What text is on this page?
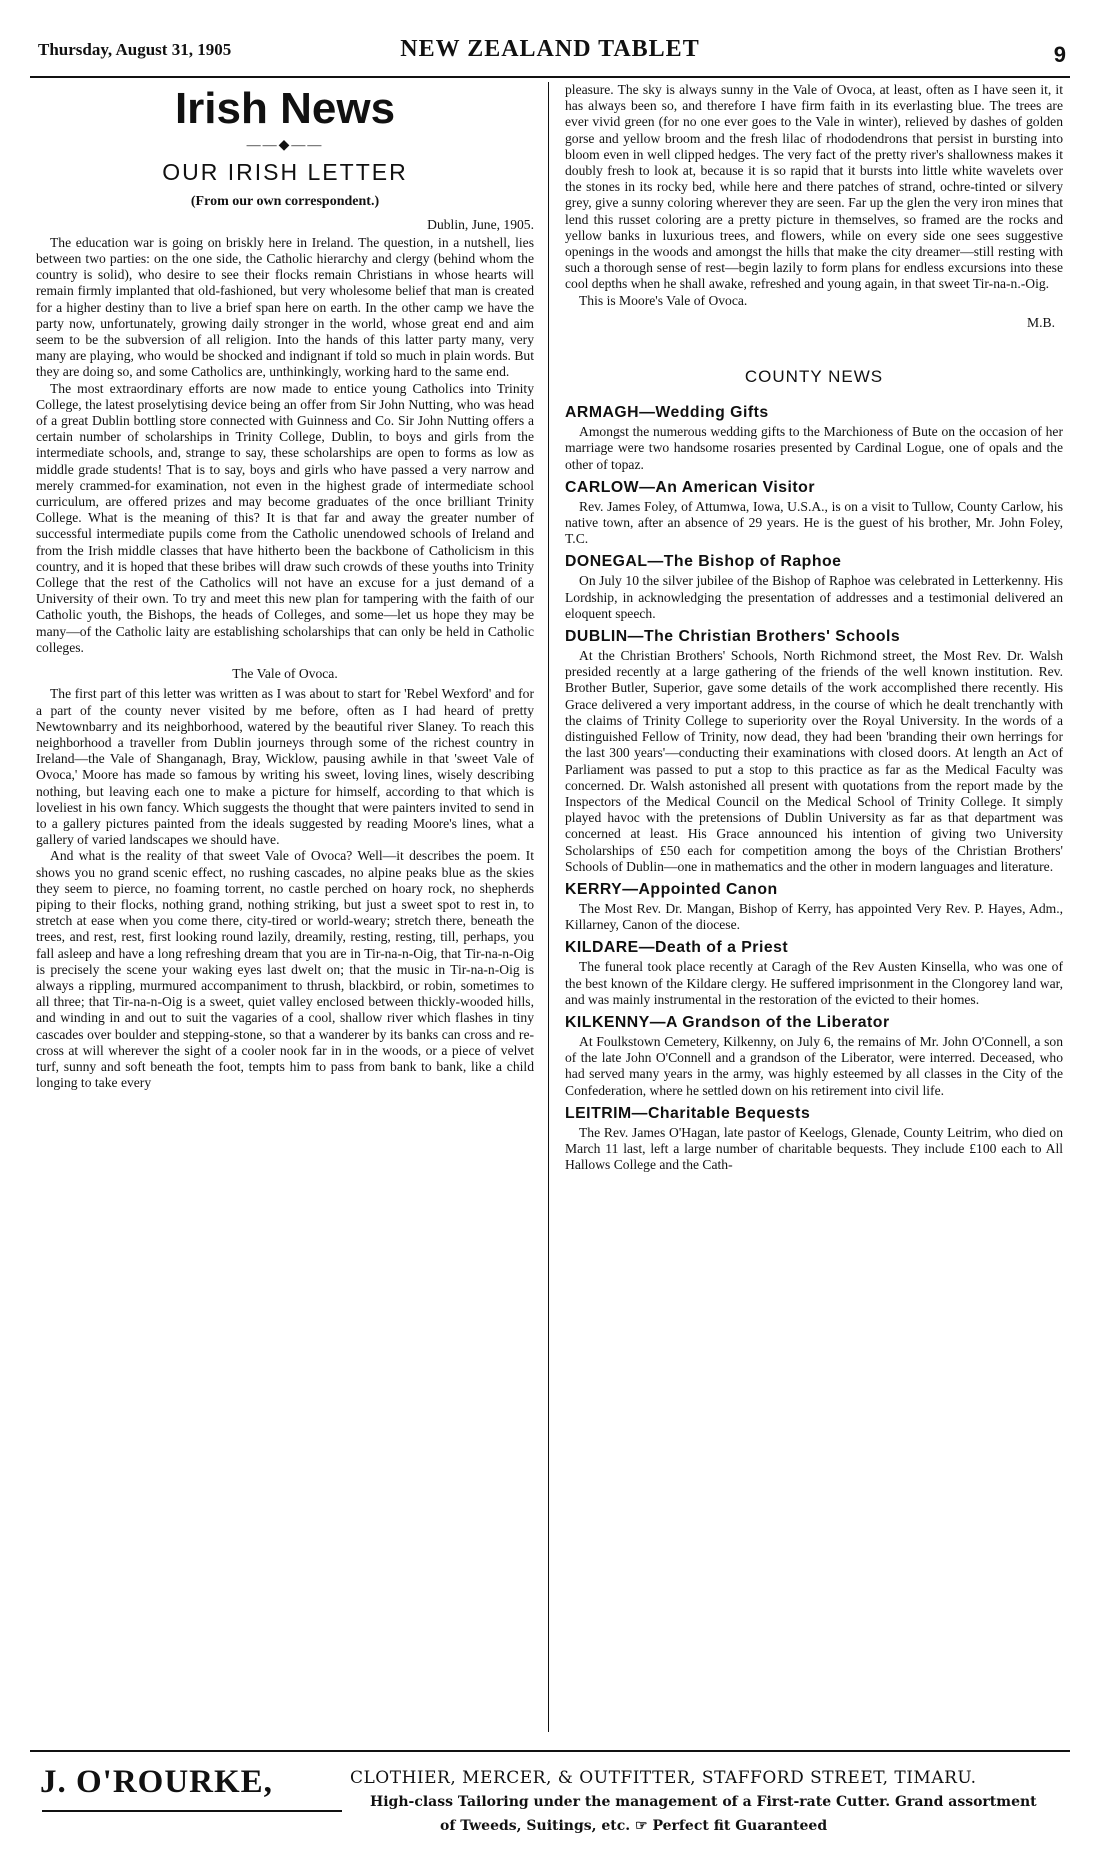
Thursday, August 31, 1905	NEW ZEALAND TABLET	9
Irish News
——◆——
OUR IRISH LETTER
(From our own correspondent.)
Dublin, June, 1905.

The education war is going on briskly here in Ireland. The question, in a nutshell, lies between two parties: on the one side, the Catholic hierarchy and clergy (behind whom the country is solid), who desire to see their flocks remain Christians in whose hearts will remain firmly implanted that old-fashioned, but very wholesome belief that man is created for a higher destiny than to live a brief span here on earth. In the other camp we have the party now, unfortunately, growing daily stronger in the world, whose great end and aim seem to be the subversion of all religion. Into the hands of this latter party many, very many are playing, who would be shocked and indignant if told so much in plain words. But they are doing so, and some Catholics are, unthinkingly, working hard to the same end.

The most extraordinary efforts are now made to entice young Catholics into Trinity College, the latest proselytising device being an offer from Sir John Nutting, who was head of a great Dublin bottling store connected with Guinness and Co. Sir John Nutting offers a certain number of scholarships in Trinity College, Dublin, to boys and girls from the intermediate schools, and, strange to say, these scholarships are open to forms as low as middle grade students! That is to say, boys and girls who have passed a very narrow and merely crammed-for examination, not even in the highest grade of intermediate school curriculum, are offered prizes and may become graduates of the once brilliant Trinity College. What is the meaning of this? It is that far and away the greater number of successful intermediate pupils come from the Catholic unendowed schools of Ireland and from the Irish middle classes that have hitherto been the backbone of Catholicism in this country, and it is hoped that these bribes will draw such crowds of these youths into Trinity College that the rest of the Catholics will not have an excuse for a just demand of a University of their own. To try and meet this new plan for tampering with the faith of our Catholic youth, the Bishops, the heads of Colleges, and some—let us hope they may be many—of the Catholic laity are establishing scholarships that can only be held in Catholic colleges.

The Vale of Ovoca.

The first part of this letter was written as I was about to start for 'Rebel Wexford' and for a part of the county never visited by me before, often as I had heard of pretty Newtownbarry and its neighborhood, watered by the beautiful river Slaney. To reach this neighborhood a traveller from Dublin journeys through some of the richest country in Ireland—the Vale of Shanganagh, Bray, Wicklow, pausing awhile in that 'sweet Vale of Ovoca,' Moore has made so famous by writing his sweet, loving lines, wisely describing nothing, but leaving each one to make a picture for himself, according to that which is loveliest in his own fancy. Which suggests the thought that were painters invited to send in to a gallery pictures painted from the ideals suggested by reading Moore's lines, what a gallery of varied landscapes we should have.

And what is the reality of that sweet Vale of Ovoca? Well—it describes the poem. It shows you no grand scenic effect, no rushing cascades, no alpine peaks blue as the skies they seem to pierce, no foaming torrent, no castle perched on hoary rock, no shepherds piping to their flocks, nothing grand, nothing striking, but just a sweet spot to rest in, to stretch at ease when you come there, city-tired or world-weary; stretch there, beneath the trees, and rest, rest, first looking round lazily, dreamily, resting, resting, till, perhaps, you fall asleep and have a long refreshing dream that you are in Tir-na-n-Oig, that Tir-na-n-Oig is precisely the scene your waking eyes last dwelt on; that the music in Tir-na-n-Oig is always a rippling, murmured accompaniment to thrush, blackbird, or robin, sometimes to all three; that Tir-na-n-Oig is a sweet, quiet valley enclosed between thickly-wooded hills, and winding in and out to suit the vagaries of a cool, shallow river which flashes in tiny cascades over boulder and stepping-stone, so that a wanderer by its banks can cross and re-cross at will wherever the sight of a cooler nook far in in the woods, or a piece of velvet turf, sunny and soft beneath the foot, tempts him to pass from bank to bank, like a child longing to take every

pleasure. The sky is always sunny in the Vale of Ovoca, at least, often as I have seen it, it has always been so, and therefore I have firm faith in its everlasting blue. The trees are ever vivid green (for no one ever goes to the Vale in winter), relieved by dashes of golden gorse and yellow broom and the fresh lilac of rhododendrons that persist in bursting into bloom even in well clipped hedges. The very fact of the pretty river's shallowness makes it doubly fresh to look at, because it is so rapid that it bursts into little white wavelets over the stones in its rocky bed, while here and there patches of strand, ochre-tinted or silvery grey, give a sunny coloring wherever they are seen. Far up the glen the very iron mines that lend this russet coloring are a pretty picture in themselves, so framed are the rocks and yellow banks in luxurious trees, and flowers, while on every side one sees suggestive openings in the woods and amongst the hills that make the city dreamer—still resting with such a thorough sense of rest—begin lazily to form plans for endless excursions into these cool depths when he shall awake, refreshed and young again, in that sweet Tir-na-n.-Oig.

This is Moore's Vale of Ovoca.

M.B.
COUNTY NEWS
ARMAGH—Wedding Gifts

Amongst the numerous wedding gifts to the Marchioness of Bute on the occasion of her marriage were two handsome rosaries presented by Cardinal Logue, one of opals and the other of topaz.

CARLOW—An American Visitor

Rev. James Foley, of Attumwa, Iowa, U.S.A., is on a visit to Tullow, County Carlow, his native town, after an absence of 29 years. He is the guest of his brother, Mr. John Foley, T.C.

DONEGAL—The Bishop of Raphoe

On July 10 the silver jubilee of the Bishop of Raphoe was celebrated in Letterkenny. His Lordship, in acknowledging the presentation of addresses and a testimonial delivered an eloquent speech.

DUBLIN—The Christian Brothers' Schools

At the Christian Brothers' Schools, North Richmond street, the Most Rev. Dr. Walsh presided recently at a large gathering of the friends of the well known institution. Rev. Brother Butler, Superior, gave some details of the work accomplished there recently. His Grace delivered a very important address, in the course of which he dealt trenchantly with the claims of Trinity College to superiority over the Royal University. In the words of a distinguished Fellow of Trinity, now dead, they had been 'branding their own herrings for the last 300 years'—conducting their examinations with closed doors. At length an Act of Parliament was passed to put a stop to this practice as far as the Medical Faculty was concerned. Dr. Walsh astonished all present with quotations from the report made by the Inspectors of the Medical Council on the Medical School of Trinity College. It simply played havoc with the pretensions of Dublin University as far as that department was concerned at least. His Grace announced his intention of giving two University Scholarships of £50 each for competition among the boys of the Christian Brothers' Schools of Dublin—one in mathematics and the other in modern languages and literature.

KERRY—Appointed Canon

The Most Rev. Dr. Mangan, Bishop of Kerry, has appointed Very Rev. P. Hayes, Adm., Killarney, Canon of the diocese.

KILDARE—Death of a Priest

The funeral took place recently at Caragh of the Rev Austen Kinsella, who was one of the best known of the Kildare clergy. He suffered imprisonment in the Clongorey land war, and was mainly instrumental in the restoration of the evicted to their homes.

KILKENNY—A Grandson of the Liberator

At Foulkstown Cemetery, Kilkenny, on July 6, the remains of Mr. John O'Connell, a son of the late John O'Connell and a grandson of the Liberator, were interred. Deceased, who had served many years in the army, was highly esteemed by all classes in the City of the Confederation, where he settled down on his retirement into civil life.

LEITRIM—Charitable Bequests

The Rev. James O'Hagan, late pastor of Keelogs, Glenade, County Leitrim, who died on March 11 last, left a large number of charitable bequests. They include £100 each to All Hallows College and the Cath-

J. O'ROURKE,	CLOTHIER, MERCER, & OUTFITTER, STAFFORD STREET, TIMARU.
High-class Tailoring under the management of a First-rate Cutter. Grand assortment
of Tweeds, Suitings, etc. ☞ Perfect fit Guaranteed
